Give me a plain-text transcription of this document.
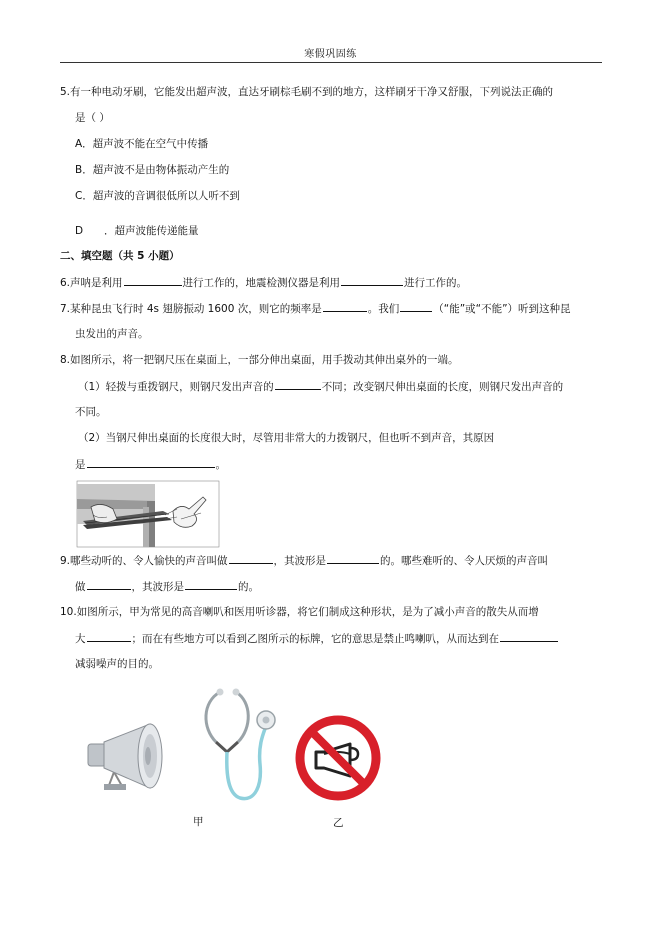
寒假巩固练
5.有一种电动牙刷，它能发出超声波，直达牙刷棕毛刷不到的地方，这样刷牙干净又舒服，下列说法正确的
是（ ）
A．超声波不能在空气中传播
B．超声波不是由物体振动产生的
C．超声波的音调很低所以人听不到
D ．超声波能传递能量
二、填空题（共 5 小题）
6.声呐是利用	进行工作的，地震检测仪器是利用	进行工作的。
7.某种昆虫飞行时 4s 翅膀振动 1600 次，则它的频率是	。我们	（“能”或“不能”）听到这种昆
虫发出的声音。
8.如图所示，将一把钢尺压在桌面上，一部分伸出桌面，用手拨动其伸出桌外的一端。
（1）轻拨与重拨钢尺，则钢尺发出声音的	不同；改变钢尺伸出桌面的长度，则钢尺发出声音的
不同。
（2）当钢尺伸出桌面的长度很大时，尽管用非常大的力拨钢尺，但也听不到声音，其原因
是	。
9.哪些动听的、令人愉快的声音叫做	，其波形是	的。哪些难听的、令人厌烦的声音叫
做	，其波形是	的。
10.如图所示，甲为常见的高音喇叭和医用听诊器，将它们制成这种形状，是为了减小声音的散失从而增
大	；而在有些地方可以看到乙图所示的标牌，它的意思是禁止鸣喇叭，从而达到在
减弱噪声的目的。
甲	乙
